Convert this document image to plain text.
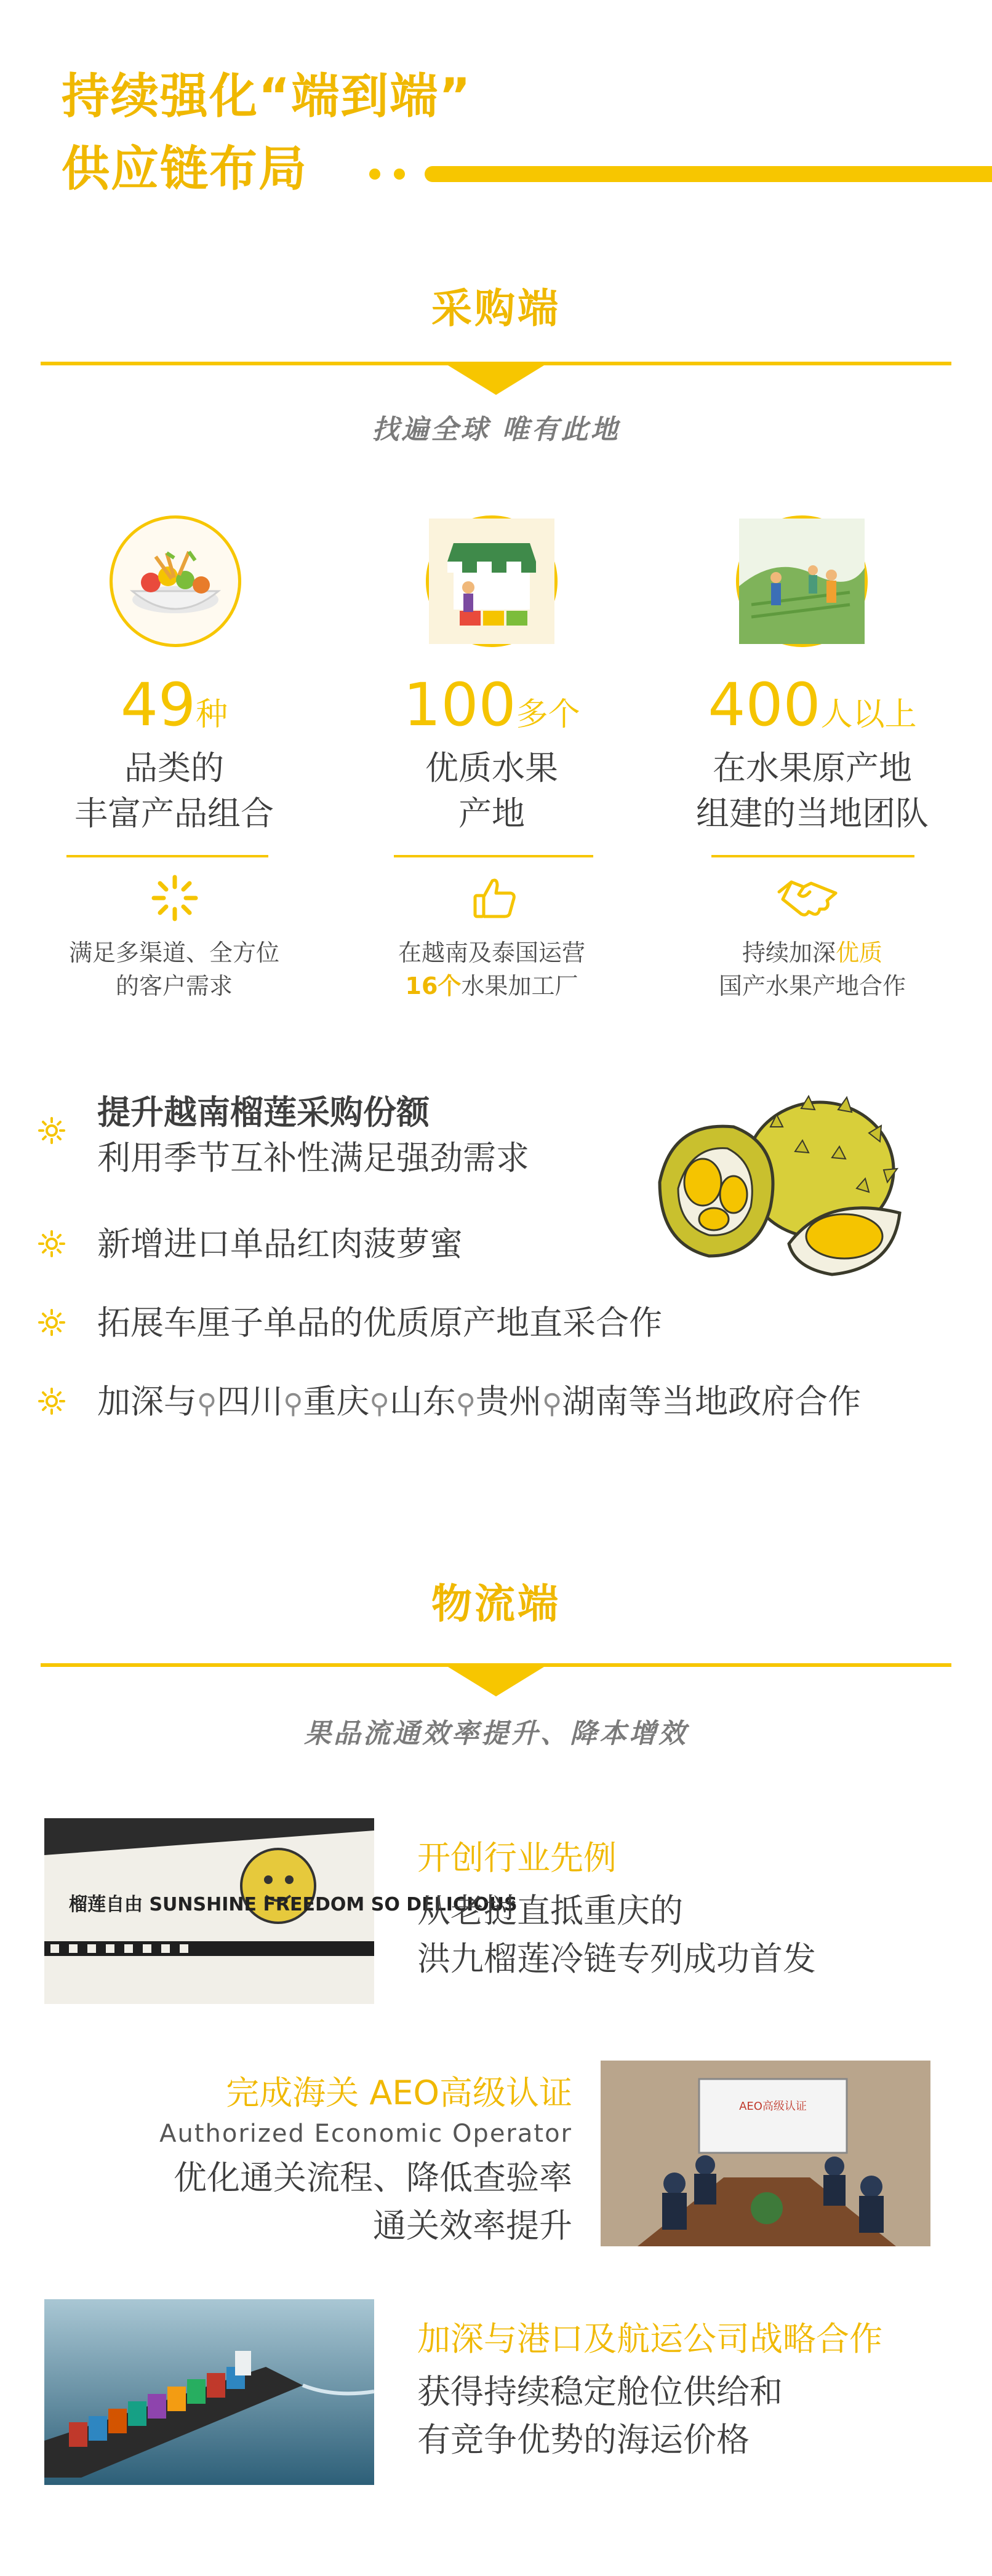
持续强化“端到端”
供应链布局
采购端
找遍全球 唯有此地
49种
品类的
丰富产品组合
满足多渠道、全方位
的客户需求
100多个
优质水果
产地
在越南及泰国运营
16个水果加工厂
400人以上
在水果原产地
组建的当地团队
持续加深优质
国产水果产地合作
提升越南榴莲采购份额
利用季节互补性满足强劲需求
新增进口单品红肉菠萝蜜
拓展车厘子单品的优质原产地直采合作
加深与⚲四川⚲重庆⚲山东⚲贵州⚲湖南等当地政府合作
物流端
果品流通效率提升、降本增效
榴莲自由 SUNSHINE FREEDOM SO DELICIOUS
开创行业先例
从老挝直抵重庆的
洪九榴莲冷链专列成功首发
完成海关 AEO高级认证
Authorized Economic Operator
优化通关流程、降低查验率
通关效率提升
AEO高级认证
加深与港口及航运公司战略合作
获得持续稳定舱位供给和
有竞争优势的海运价格
